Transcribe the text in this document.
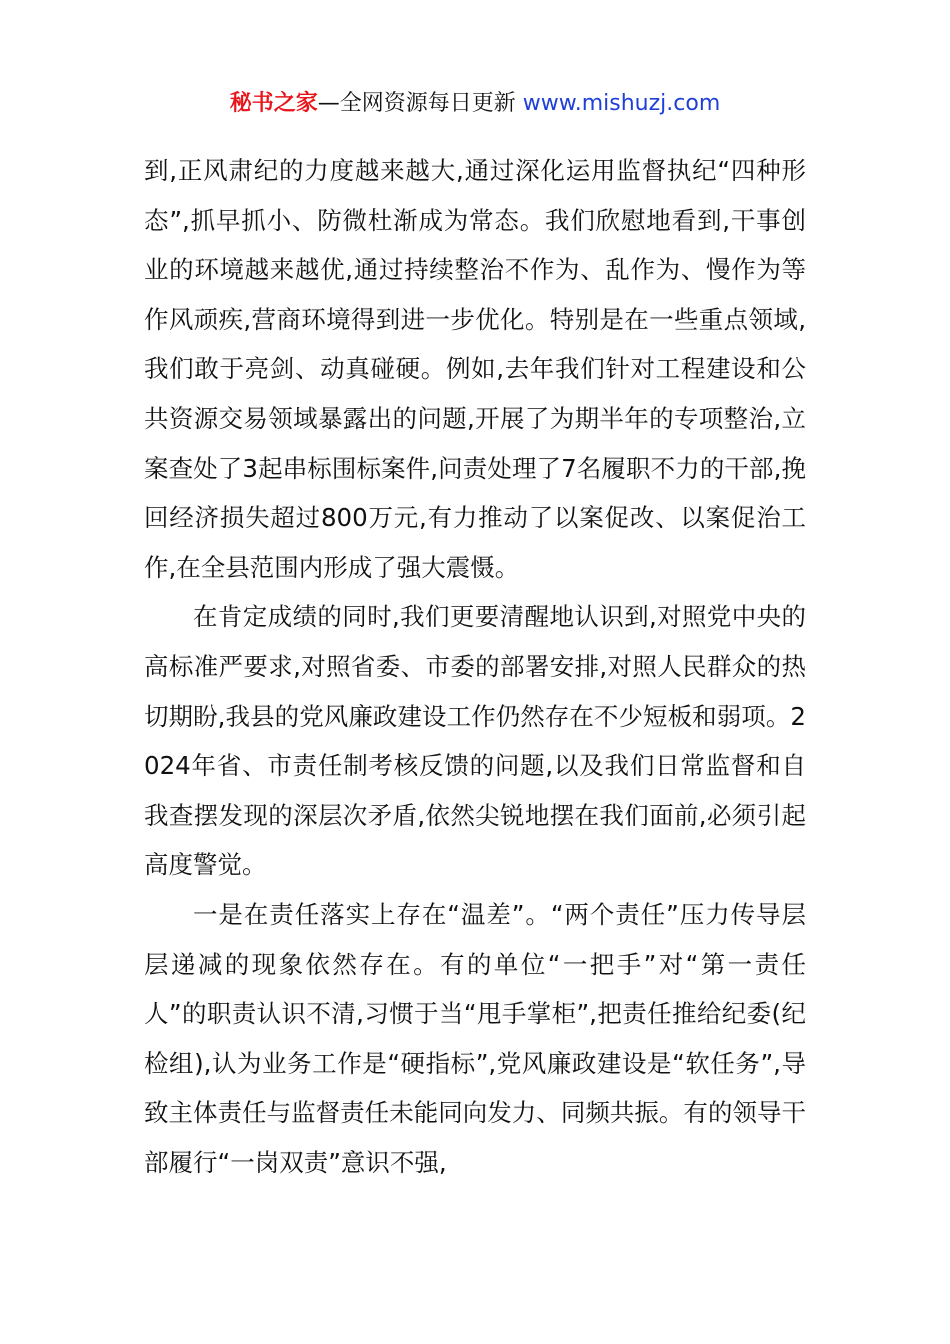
秘书之家—全网资源每日更新 www.mishuzj.com

到,正风肃纪的力度越来越大,通过深化运用监督执纪“四种形态”,抓早抓小、防微杜渐成为常态。我们欣慰地看到,干事创业的环境越来越优,通过持续整治不作为、乱作为、慢作为等作风顽疾,营商环境得到进一步优化。特别是在一些重点领域,我们敢于亮剑、动真碰硬。例如,去年我们针对工程建设和公共资源交易领域暴露出的问题,开展了为期半年的专项整治,立案查处了3起串标围标案件,问责处理了7名履职不力的干部,挽回经济损失超过800万元,有力推动了以案促改、以案促治工作,在全县范围内形成了强大震慑。

在肯定成绩的同时,我们更要清醒地认识到,对照党中央的高标准严要求,对照省委、市委的部署安排,对照人民群众的热切期盼,我县的党风廉政建设工作仍然存在不少短板和弱项。2024年省、市责任制考核反馈的问题,以及我们日常监督和自我查摆发现的深层次矛盾,依然尖锐地摆在我们面前,必须引起高度警觉。

一是在责任落实上存在“温差”。“两个责任”压力传导层层递减的现象依然存在。有的单位“一把手”对“第一责任人”的职责认识不清,习惯于当“甩手掌柜”,把责任推给纪委(纪检组),认为业务工作是“硬指标”,党风廉政建设是“软任务”,导致主体责任与监督责任未能同向发力、同频共振。有的领导干部履行“一岗双责”意识不强,
